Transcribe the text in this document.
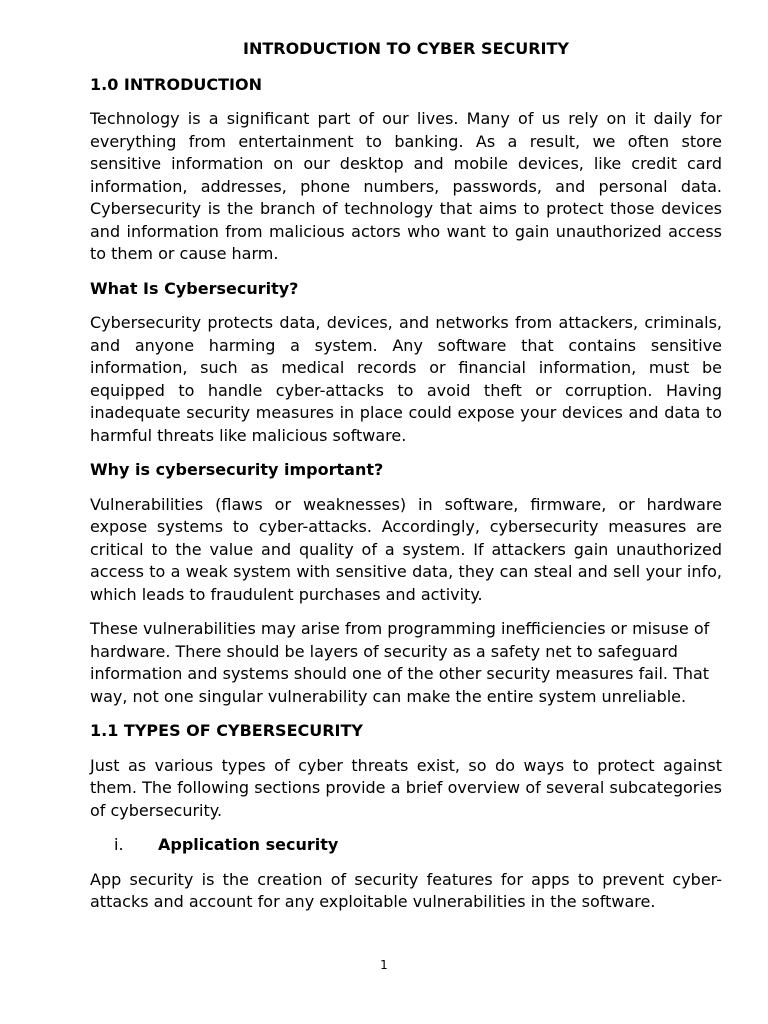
INTRODUCTION TO CYBER SECURITY
1.0 INTRODUCTION

Technology is a significant part of our lives. Many of us rely on it daily for everything from entertainment to banking. As a result, we often store sensitive information on our desktop and mobile devices, like credit card information, addresses, phone numbers, passwords, and personal data. Cybersecurity is the branch of technology that aims to protect those devices and information from malicious actors who want to gain unauthorized access to them or cause harm.

What Is Cybersecurity?

Cybersecurity protects data, devices, and networks from attackers, criminals, and anyone harming a system. Any software that contains sensitive information, such as medical records or financial information, must be equipped to handle cyber-attacks to avoid theft or corruption. Having inadequate security measures in place could expose your devices and data to harmful threats like malicious software.

Why is cybersecurity important?

Vulnerabilities (flaws or weaknesses) in software, firmware, or hardware expose systems to cyber-attacks. Accordingly, cybersecurity measures are critical to the value and quality of a system. If attackers gain unauthorized access to a weak system with sensitive data, they can steal and sell your info, which leads to fraudulent purchases and activity.

These vulnerabilities may arise from programming inefficiencies or misuse of hardware. There should be layers of security as a safety net to safeguard information and systems should one of the other security measures fail. That way, not one singular vulnerability can make the entire system unreliable.

1.1 TYPES OF CYBERSECURITY

Just as various types of cyber threats exist, so do ways to protect against them. The following sections provide a brief overview of several subcategories of cybersecurity.

i.	Application security

App security is the creation of security features for apps to prevent cyber-attacks and account for any exploitable vulnerabilities in the software.

1
